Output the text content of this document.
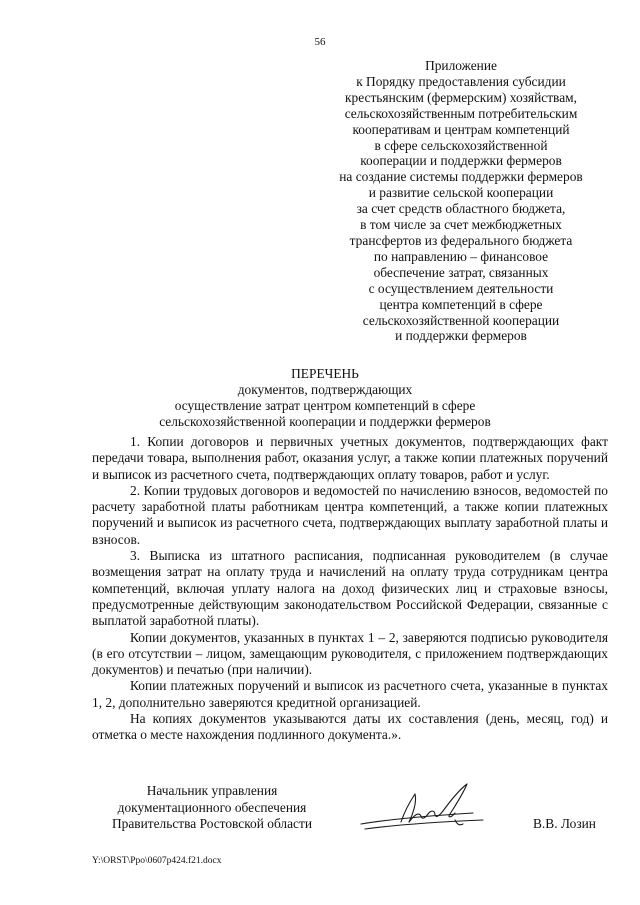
56
Приложение
к Порядку предоставления субсидии
крестьянским (фермерским) хозяйствам,
сельскохозяйственным потребительским
кооперативам и центрам компетенций
в сфере сельскохозяйственной
кооперации и поддержки фермеров
на создание системы поддержки фермеров
и развитие сельской кооперации
за счет средств областного бюджета,
в том числе за счет межбюджетных
трансфертов из федерального бюджета
по направлению – финансовое
обеспечение затрат, связанных
с осуществлением деятельности
центра компетенций в сфере
сельскохозяйственной кооперации
и поддержки фермеров
ПЕРЕЧЕНЬ
документов, подтверждающих
осуществление затрат центром компетенций в сфере
сельскохозяйственной кооперации и поддержки фермеров

1. Копии договоров и первичных учетных документов, подтверждающих факт передачи товара, выполнения работ, оказания услуг, а также копии платежных поручений и выписок из расчетного счета, подтверждающих оплату товаров, работ и услуг.

2. Копии трудовых договоров и ведомостей по начислению взносов, ведомостей по расчету заработной платы работникам центра компетенций, а также копии платежных поручений и выписок из расчетного счета, подтверждающих выплату заработной платы и взносов.

3. Выписка из штатного расписания, подписанная руководителем (в случае возмещения затрат на оплату труда и начислений на оплату труда сотрудникам центра компетенций, включая уплату налога на доход физических лиц и страховые взносы, предусмотренные действующим законодательством Российской Федерации, связанные с выплатой заработной платы).

Копии документов, указанных в пунктах 1 – 2, заверяются подписью руководителя (в его отсутствии – лицом, замещающим руководителя, с приложением подтверждающих документов) и печатью (при наличии).

Копии платежных поручений и выписок из расчетного счета, указанные в пунктах 1, 2, дополнительно заверяются кредитной организацией.

На копиях документов указываются даты их составления (день, месяц, год) и отметка о месте нахождения подлинного документа.».

Начальник управления
документационного обеспечения
Правительства Ростовской области	В.В. Лозин
Y:\ORST\Ppo\0607p424.f21.docx
